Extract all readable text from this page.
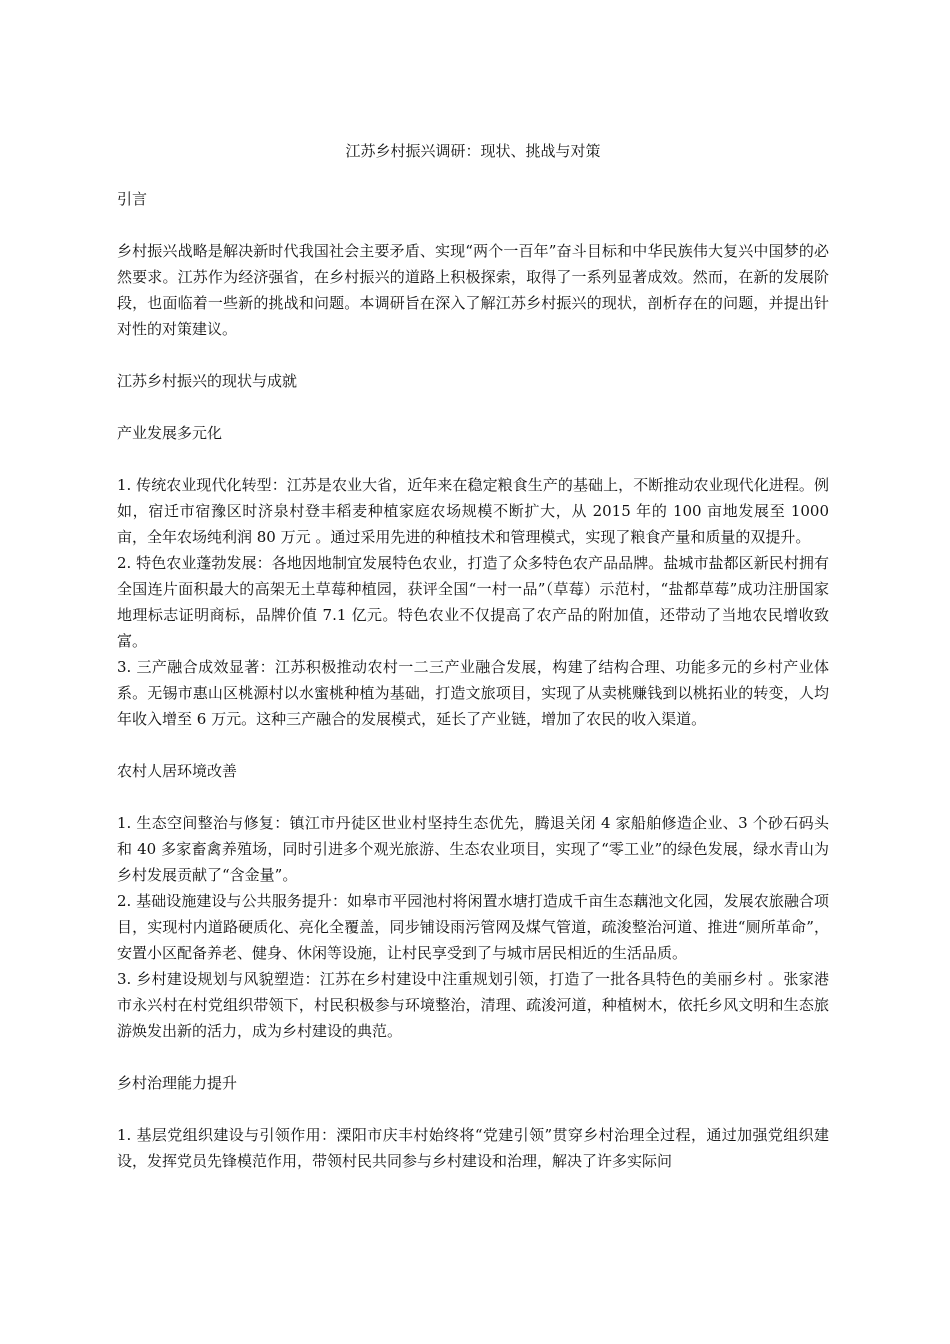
江苏乡村振兴调研：现状、挑战与对策
引言

乡村振兴战略是解决新时代我国社会主要矛盾、实现“两个一百年”奋斗目标和中华民族伟大复兴中国梦的必然要求。江苏作为经济强省，在乡村振兴的道路上积极探索，取得了一系列显著成效。然而，在新的发展阶段，也面临着一些新的挑战和问题。本调研旨在深入了解江苏乡村振兴的现状，剖析存在的问题，并提出针对性的对策建议。

江苏乡村振兴的现状与成就
产业发展多元化

1. 传统农业现代化转型：江苏是农业大省，近年来在稳定粮食生产的基础上，不断推动农业现代化进程。例如，宿迁市宿豫区时济泉村登丰稻麦种植家庭农场规模不断扩大，从 2015 年的 100 亩地发展至 1000 亩，全年农场纯利润 80 万元 。通过采用先进的种植技术和管理模式，实现了粮食产量和质量的双提升。

2. 特色农业蓬勃发展：各地因地制宜发展特色农业，打造了众多特色农产品品牌。盐城市盐都区新民村拥有全国连片面积最大的高架无土草莓种植园，获评全国“一村一品”（草莓）示范村，“盐都草莓”成功注册国家地理标志证明商标，品牌价值 7.1 亿元。特色农业不仅提高了农产品的附加值，还带动了当地农民增收致富。

3. 三产融合成效显著：江苏积极推动农村一二三产业融合发展，构建了结构合理、功能多元的乡村产业体系。无锡市惠山区桃源村以水蜜桃种植为基础，打造文旅项目，实现了从卖桃赚钱到以桃拓业的转变，人均年收入增至 6 万元。这种三产融合的发展模式，延长了产业链，增加了农民的收入渠道。

农村人居环境改善

1. 生态空间整治与修复：镇江市丹徒区世业村坚持生态优先，腾退关闭 4 家船舶修造企业、3 个砂石码头和 40 多家畜禽养殖场，同时引进多个观光旅游、生态农业项目，实现了“零工业”的绿色发展，绿水青山为乡村发展贡献了“含金量”。

2. 基础设施建设与公共服务提升：如皋市平园池村将闲置水塘打造成千亩生态藕池文化园，发展农旅融合项目，实现村内道路硬质化、亮化全覆盖，同步铺设雨污管网及煤气管道，疏浚整治河道、推进“厕所革命”，安置小区配备养老、健身、休闲等设施，让村民享受到了与城市居民相近的生活品质。

3. 乡村建设规划与风貌塑造：江苏在乡村建设中注重规划引领，打造了一批各具特色的美丽乡村 。张家港市永兴村在村党组织带领下，村民积极参与环境整治，清理、疏浚河道，种植树木，依托乡风文明和生态旅游焕发出新的活力，成为乡村建设的典范。

乡村治理能力提升

1. 基层党组织建设与引领作用：溧阳市庆丰村始终将“党建引领”贯穿乡村治理全过程，通过加强党组织建设，发挥党员先锋模范作用，带领村民共同参与乡村建设和治理，解决了许多实际问
